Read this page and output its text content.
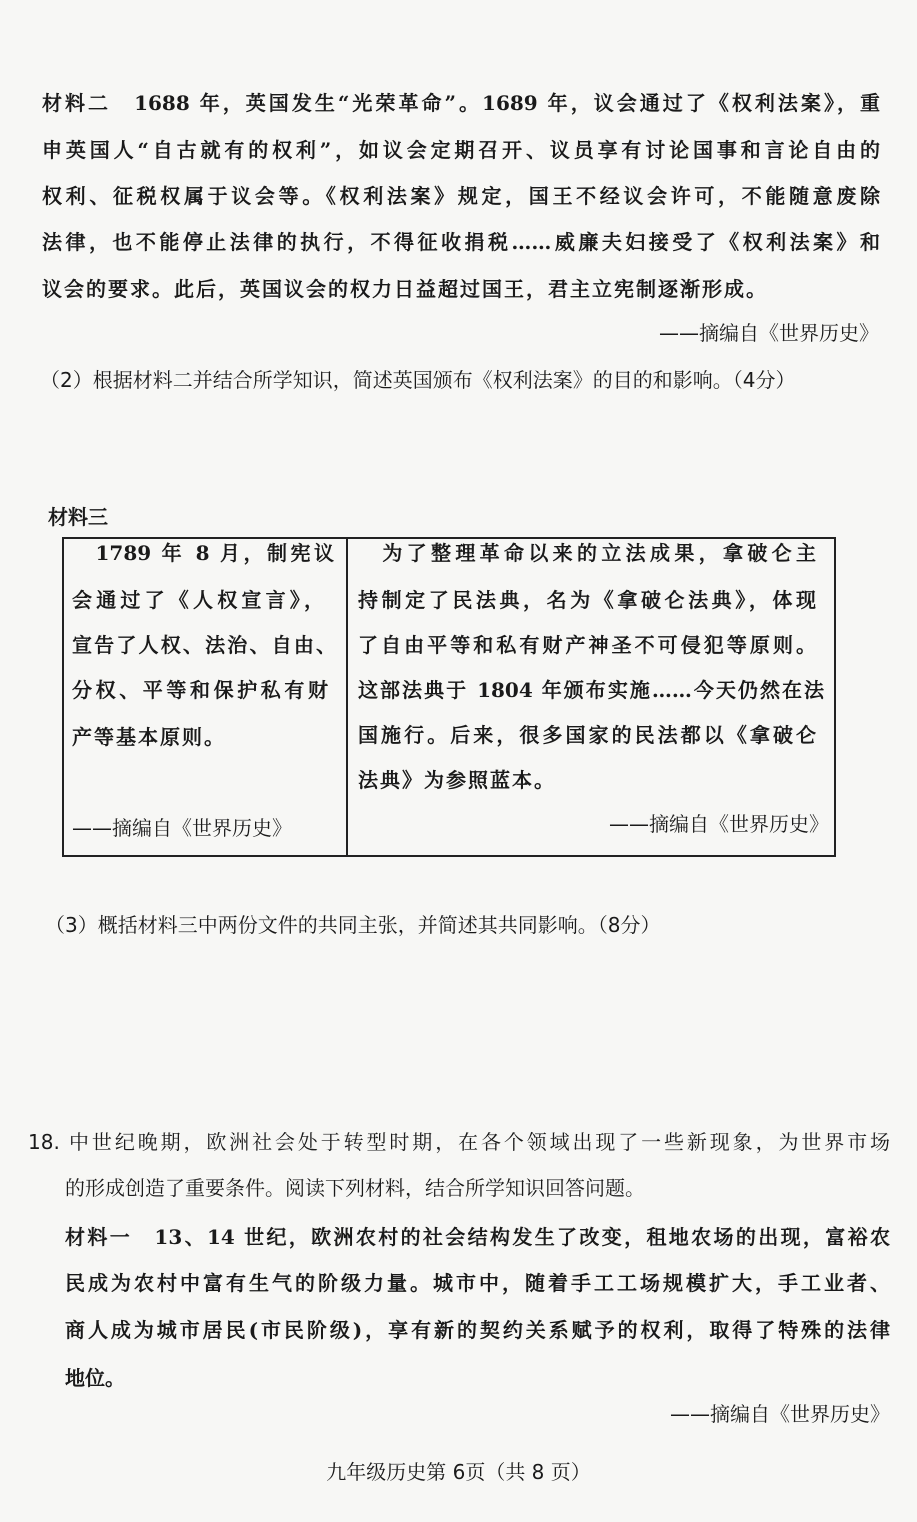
材料二　1688 年，英国发生“光荣革命”。1689 年，议会通过了《权利法案》，重
申英国人“自古就有的权利”，如议会定期召开、议员享有讨论国事和言论自由的
权利、征税权属于议会等。《权利法案》规定，国王不经议会许可，不能随意废除
法律，也不能停止法律的执行，不得征收捐税……威廉夫妇接受了《权利法案》和
议会的要求。此后，英国议会的权力日益超过国王，君主立宪制逐渐形成。
——摘编自《世界历史》
（2）根据材料二并结合所学知识，简述英国颁布《权利法案》的目的和影响。（4分）
材料三
　1789 年 8 月，制宪议
会通过了《人权宣言》，
宣告了人权、法治、自由、
分权、平等和保护私有财
产等基本原则。
——摘编自《世界历史》
　为了整理革命以来的立法成果，拿破仑主
持制定了民法典，名为《拿破仑法典》，体现
了自由平等和私有财产神圣不可侵犯等原则。
这部法典于 1804 年颁布实施……今天仍然在法
国施行。后来，很多国家的民法都以《拿破仑
法典》为参照蓝本。
——摘编自《世界历史》
（3）概括材料三中两份文件的共同主张，并简述其共同影响。（8分）
18. 中世纪晚期，欧洲社会处于转型时期，在各个领域出现了一些新现象，为世界市场
的形成创造了重要条件。阅读下列材料，结合所学知识回答问题。
材料一　13、14 世纪，欧洲农村的社会结构发生了改变，租地农场的出现，富裕农
民成为农村中富有生气的阶级力量。城市中，随着手工工场规模扩大，手工业者、
商人成为城市居民(市民阶级)，享有新的契约关系赋予的权利，取得了特殊的法律
地位。
——摘编自《世界历史》
九年级历史第 6页（共 8 页）
